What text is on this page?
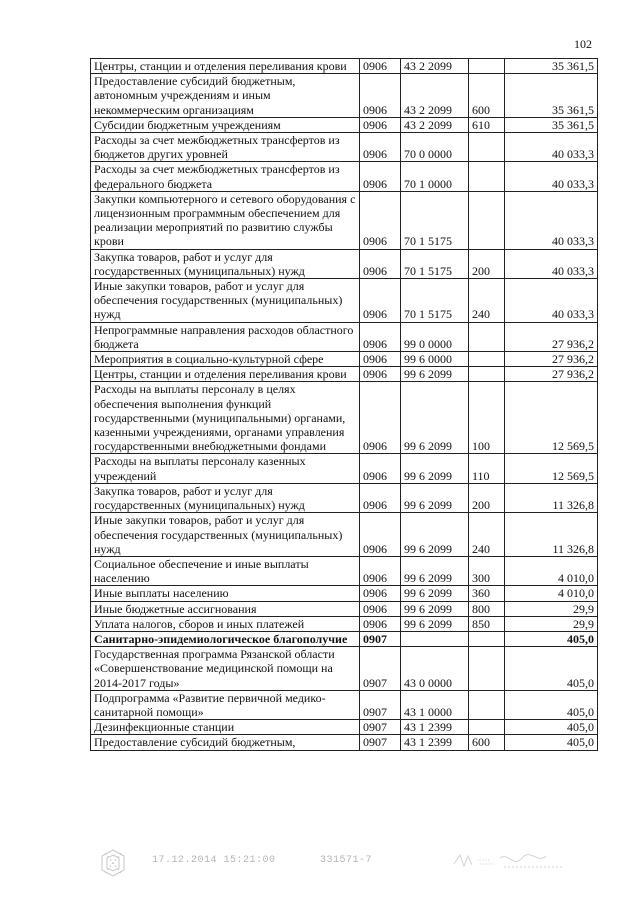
102
Центры, станции и отделения переливания крови	0906	43 2 2099		35 361,5
Предоставление субсидий бюджетным, автономным учреждениям и иным некоммерческим организациям	0906	43 2 2099	600	35 361,5
Субсидии бюджетным учреждениям	0906	43 2 2099	610	35 361,5
Расходы за счет межбюджетных трансфертов из бюджетов других уровней	0906	70 0 0000		40 033,3
Расходы за счет межбюджетных трансфертов из федерального бюджета	0906	70 1 0000		40 033,3
Закупки компьютерного и сетевого оборудования с лицензионным программным обеспечением для реализации мероприятий по развитию службы крови	0906	70 1 5175		40 033,3
Закупка товаров, работ и услуг для государственных (муниципальных) нужд	0906	70 1 5175	200	40 033,3
Иные закупки товаров, работ и услуг для обеспечения государственных (муниципальных) нужд	0906	70 1 5175	240	40 033,3
Непрограммные направления расходов областного бюджета	0906	99 0 0000		27 936,2
Мероприятия в социально-культурной сфере	0906	99 6 0000		27 936,2
Центры, станции и отделения переливания крови	0906	99 6 2099		27 936,2
Расходы на выплаты персоналу в целях обеспечения выполнения функций государственными (муниципальными) органами, казенными учреждениями, органами управления государственными внебюджетными фондами	0906	99 6 2099	100	12 569,5
Расходы на выплаты персоналу казенных учреждений	0906	99 6 2099	110	12 569,5
Закупка товаров, работ и услуг для государственных (муниципальных) нужд	0906	99 6 2099	200	11 326,8
Иные закупки товаров, работ и услуг для обеспечения государственных (муниципальных) нужд	0906	99 6 2099	240	11 326,8
Социальное обеспечение и иные выплаты населению	0906	99 6 2099	300	4 010,0
Иные выплаты населению	0906	99 6 2099	360	4 010,0
Иные бюджетные ассигнования	0906	99 6 2099	800	29,9
Уплата налогов, сборов и иных платежей	0906	99 6 2099	850	29,9
Санитарно-эпидемиологическое благополучие	0907			405,0
Государственная программа Рязанской области «Совершенствование медицинской помощи на 2014-2017 годы»	0907	43 0 0000		405,0
Подпрограмма «Развитие первичной медико-санитарной помощи»	0907	43 1 0000		405,0
Дезинфекционные станции	0907	43 1 2399		405,0
Предоставление субсидий бюджетным,	0907	43 1 2399	600	405,0
17.12.2014 15:21:00	331571-7
